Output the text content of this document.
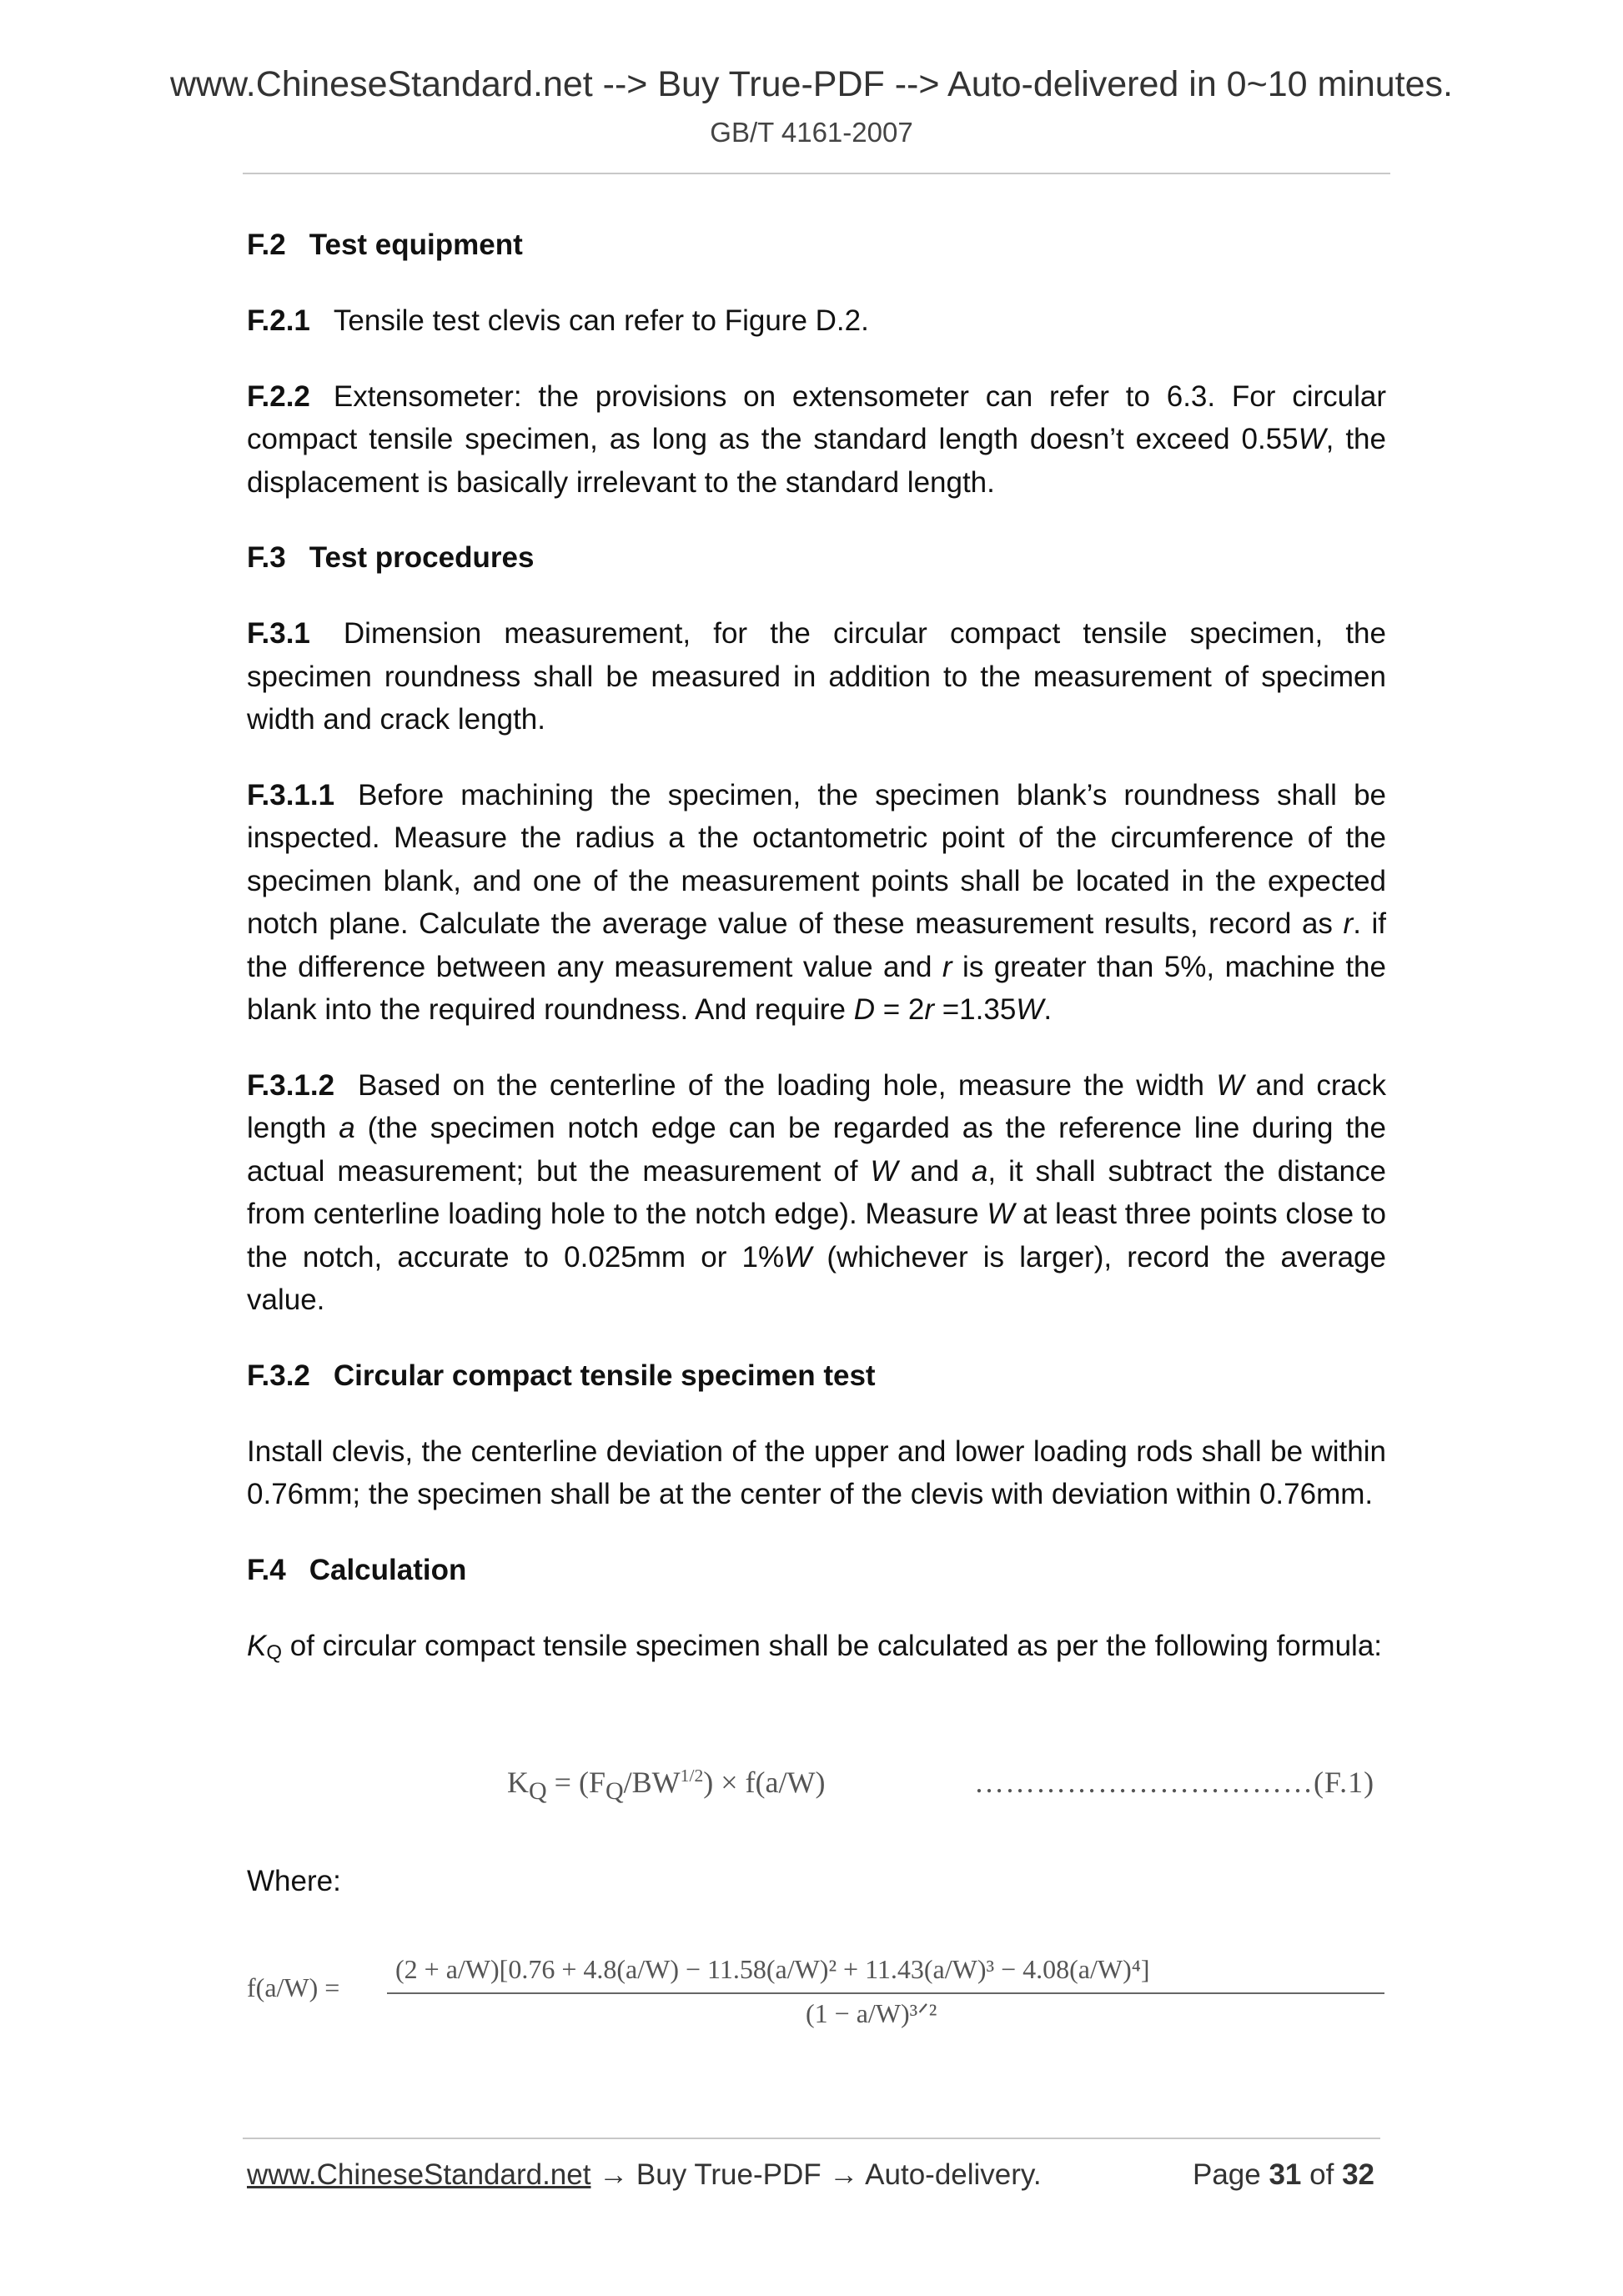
www.ChineseStandard.net --> Buy True-PDF --> Auto-delivered in 0~10 minutes.
GB/T 4161-2007
F.2 Test equipment
F.2.1 Tensile test clevis can refer to Figure D.2.
F.2.2 Extensometer: the provisions on extensometer can refer to 6.3. For circular compact tensile specimen, as long as the standard length doesn’t exceed 0.55W, the displacement is basically irrelevant to the standard length.
F.3 Test procedures
F.3.1 Dimension measurement, for the circular compact tensile specimen, the specimen roundness shall be measured in addition to the measurement of specimen width and crack length.
F.3.1.1 Before machining the specimen, the specimen blank’s roundness shall be inspected. Measure the radius a the octantometric point of the circumference of the specimen blank, and one of the measurement points shall be located in the expected notch plane. Calculate the average value of these measurement results, record as r. if the difference between any measurement value and r is greater than 5%, machine the blank into the required roundness. And require D = 2r =1.35W.
F.3.1.2 Based on the centerline of the loading hole, measure the width W and crack length a (the specimen notch edge can be regarded as the reference line during the actual measurement; but the measurement of W and a, it shall subtract the distance from centerline loading hole to the notch edge). Measure W at least three points close to the notch, accurate to 0.025mm or 1%W (whichever is larger), record the average value.
F.3.2 Circular compact tensile specimen test
Install clevis, the centerline deviation of the upper and lower loading rods shall be within 0.76mm; the specimen shall be at the center of the clevis with deviation within 0.76mm.
F.4 Calculation
KQ of circular compact tensile specimen shall be calculated as per the following formula:
$K_Q = (F_Q/BW^{1/2}) \times f(a/W)$	……………………………(F.1)
Where:
f(a/W) =
(2 + a/W)[0.76 + 4.8(a/W) − 11.58(a/W)² + 11.43(a/W)³ − 4.08(a/W)⁴]
(1 − a/W)³ᐟ²
www.ChineseStandard.net → Buy True-PDF → Auto-delivery.	Page 31 of 32
